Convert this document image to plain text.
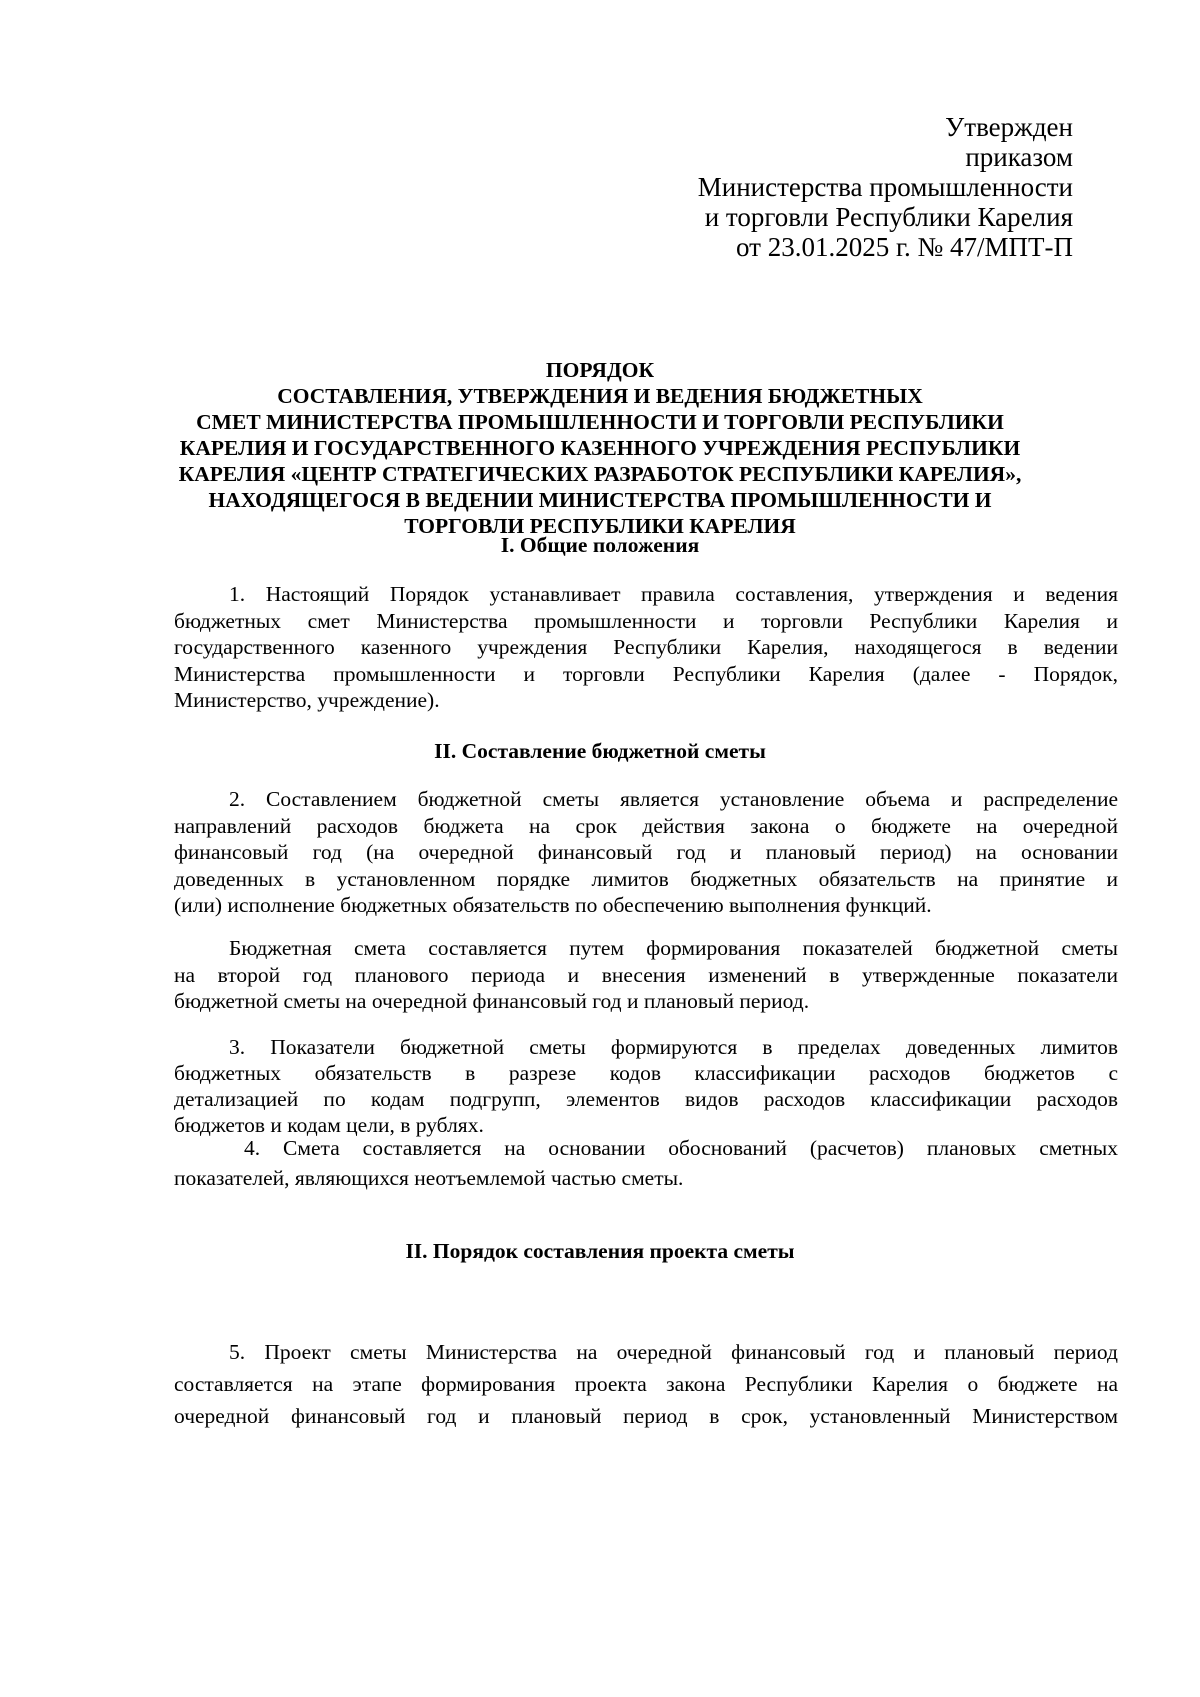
Утвержден
приказом
Министерства промышленности
и торговли Республики Карелия
от 23.01.2025 г. № 47/МПТ-П
ПОРЯДОК
СОСТАВЛЕНИЯ, УТВЕРЖДЕНИЯ И ВЕДЕНИЯ БЮДЖЕТНЫХ
СМЕТ МИНИСТЕРСТВА ПРОМЫШЛЕННОСТИ И ТОРГОВЛИ РЕСПУБЛИКИ
КАРЕЛИЯ И ГОСУДАРСТВЕННОГО КАЗЕННОГО УЧРЕЖДЕНИЯ РЕСПУБЛИКИ
КАРЕЛИЯ «ЦЕНТР СТРАТЕГИЧЕСКИХ РАЗРАБОТОК РЕСПУБЛИКИ КАРЕЛИЯ»,
НАХОДЯЩЕГОСЯ В ВЕДЕНИИ МИНИСТЕРСТВА ПРОМЫШЛЕННОСТИ И
ТОРГОВЛИ РЕСПУБЛИКИ КАРЕЛИЯ
I. Общие положения
1. Настоящий Порядок устанавливает правила составления, утверждения и ведения
бюджетных смет Министерства промышленности и торговли Республики Карелия и
государственного казенного учреждения Республики Карелия, находящегося в ведении
Министерства промышленности и торговли Республики Карелия (далее - Порядок,
Министерство, учреждение).
II. Составление бюджетной сметы
2. Составлением бюджетной сметы является установление объема и распределение
направлений расходов бюджета на срок действия закона о бюджете на очередной
финансовый год (на очередной финансовый год и плановый период) на основании
доведенных в установленном порядке лимитов бюджетных обязательств на принятие и
(или) исполнение бюджетных обязательств по обеспечению выполнения функций.
Бюджетная смета составляется путем формирования показателей бюджетной сметы
на второй год планового периода и внесения изменений в утвержденные показатели
бюджетной сметы на очередной финансовый год и плановый период.
3. Показатели бюджетной сметы формируются в пределах доведенных лимитов
бюджетных обязательств в разрезе кодов классификации расходов бюджетов с
детализацией по кодам подгрупп, элементов видов расходов классификации расходов
бюджетов и кодам цели, в рублях.
4. Смета составляется на основании обоснований (расчетов) плановых сметных
показателей, являющихся неотъемлемой частью сметы.
II. Порядок составления проекта сметы
5. Проект сметы Министерства на очередной финансовый год и плановый период
составляется на этапе формирования проекта закона Республики Карелия о бюджете на
очередной финансовый год и плановый период в срок, установленный Министерством
